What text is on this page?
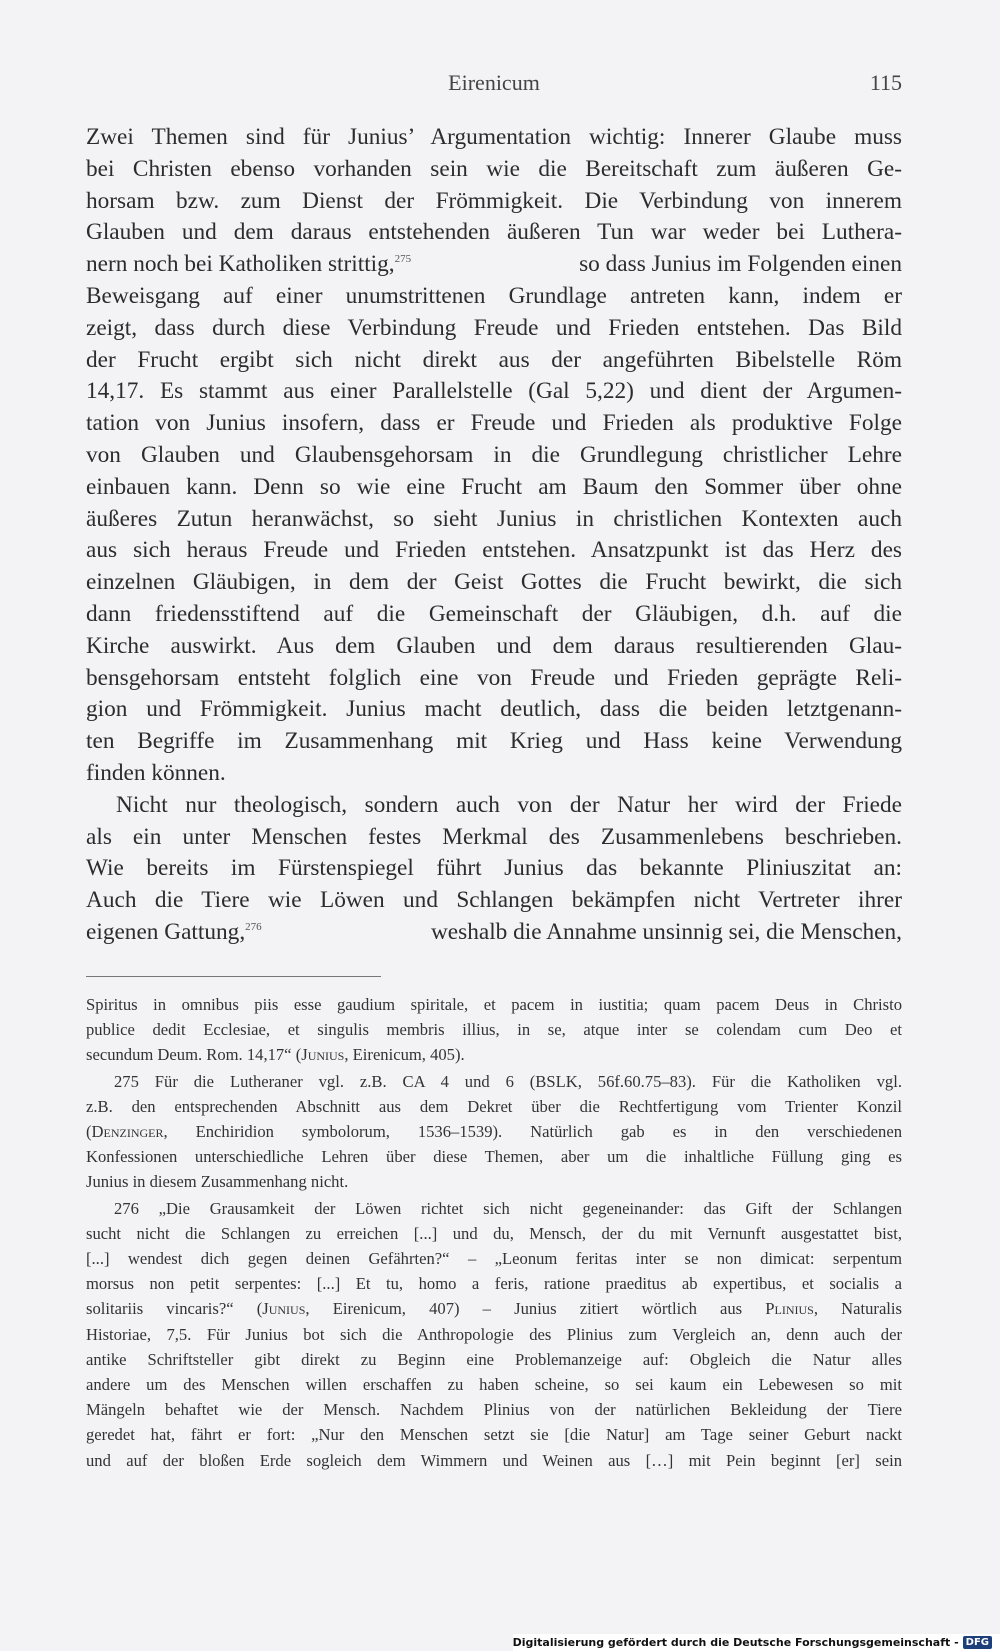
Eirenicum	115
Zwei Themen sind für Junius’ Argumentation wichtig: Innerer Glaube muss
bei Christen ebenso vorhanden sein wie die Bereitschaft zum äußeren Ge-
horsam bzw. zum Dienst der Frömmigkeit. Die Verbindung von innerem
Glauben und dem daraus entstehenden äußeren Tun war weder bei Luthera-
nern noch bei Katholiken strittig,$^{275}$	so dass Junius im Folgenden einen
Beweisgang auf einer unumstrittenen Grundlage antreten kann, indem er
zeigt, dass durch diese Verbindung Freude und Frieden entstehen. Das Bild
der Frucht ergibt sich nicht direkt aus der angeführten Bibelstelle Röm
14,17. Es stammt aus einer Parallelstelle (Gal 5,22) und dient der Argumen-
tation von Junius insofern, dass er Freude und Frieden als produktive Folge
von Glauben und Glaubensgehorsam in die Grundlegung christlicher Lehre
einbauen kann. Denn so wie eine Frucht am Baum den Sommer über ohne
äußeres Zutun heranwächst, so sieht Junius in christlichen Kontexten auch
aus sich heraus Freude und Frieden entstehen. Ansatzpunkt ist das Herz des
einzelnen Gläubigen, in dem der Geist Gottes die Frucht bewirkt, die sich
dann friedensstiftend auf die Gemeinschaft der Gläubigen, d.h. auf die
Kirche auswirkt. Aus dem Glauben und dem daraus resultierenden Glau-
bensgehorsam entsteht folglich eine von Freude und Frieden geprägte Reli-
gion und Frömmigkeit. Junius macht deutlich, dass die beiden letztgenann-
ten Begriffe im Zusammenhang mit Krieg und Hass keine Verwendung
finden können.
Nicht nur theologisch, sondern auch von der Natur her wird der Friede
als ein unter Menschen festes Merkmal des Zusammenlebens beschrieben.
Wie bereits im Fürstenspiegel führt Junius das bekannte Pliniuszitat an:
Auch die Tiere wie Löwen und Schlangen bekämpfen nicht Vertreter ihrer
eigenen Gattung,$^{276}$	weshalb die Annahme unsinnig sei, die Menschen,
Spiritus in omnibus piis esse gaudium spiritale, et pacem in iustitia; quam pacem Deus in Christo
publice dedit Ecclesiae, et singulis membris illius, in se, atque inter se colendam cum Deo et
secundum Deum. Rom. 14,17“ (Junius, Eirenicum, 405).
275 Für die Lutheraner vgl. z.B. CA 4 und 6 (BSLK, 56f.60.75–83). Für die Katholiken vgl.
z.B. den entsprechenden Abschnitt aus dem Dekret über die Rechtfertigung vom Trienter Konzil
(Denzinger, Enchiridion symbolorum, 1536–1539). Natürlich gab es in den verschiedenen
Konfessionen unterschiedliche Lehren über diese Themen, aber um die inhaltliche Füllung ging es
Junius in diesem Zusammenhang nicht.
276 „Die Grausamkeit der Löwen richtet sich nicht gegeneinander: das Gift der Schlangen
sucht nicht die Schlangen zu erreichen [...] und du, Mensch, der du mit Vernunft ausgestattet bist,
[...] wendest dich gegen deinen Gefährten?“ – „Leonum feritas inter se non dimicat: serpentum
morsus non petit serpentes: [...] Et tu, homo a feris, ratione praeditus ab expertibus, et socialis a
solitariis vincaris?“ (Junius, Eirenicum, 407) – Junius zitiert wörtlich aus Plinius, Naturalis
Historiae, 7,5. Für Junius bot sich die Anthropologie des Plinius zum Vergleich an, denn auch der
antike Schriftsteller gibt direkt zu Beginn eine Problemanzeige auf: Obgleich die Natur alles
andere um des Menschen willen erschaffen zu haben scheine, so sei kaum ein Lebewesen so mit
Mängeln behaftet wie der Mensch. Nachdem Plinius von der natürlichen Bekleidung der Tiere
geredet hat, fährt er fort: „Nur den Menschen setzt sie [die Natur] am Tage seiner Geburt nackt
und auf der bloßen Erde sogleich dem Wimmern und Weinen aus […] mit Pein beginnt [er] sein
Digitalisierung gefördert durch die Deutsche Forschungsgemeinschaft - DFG
